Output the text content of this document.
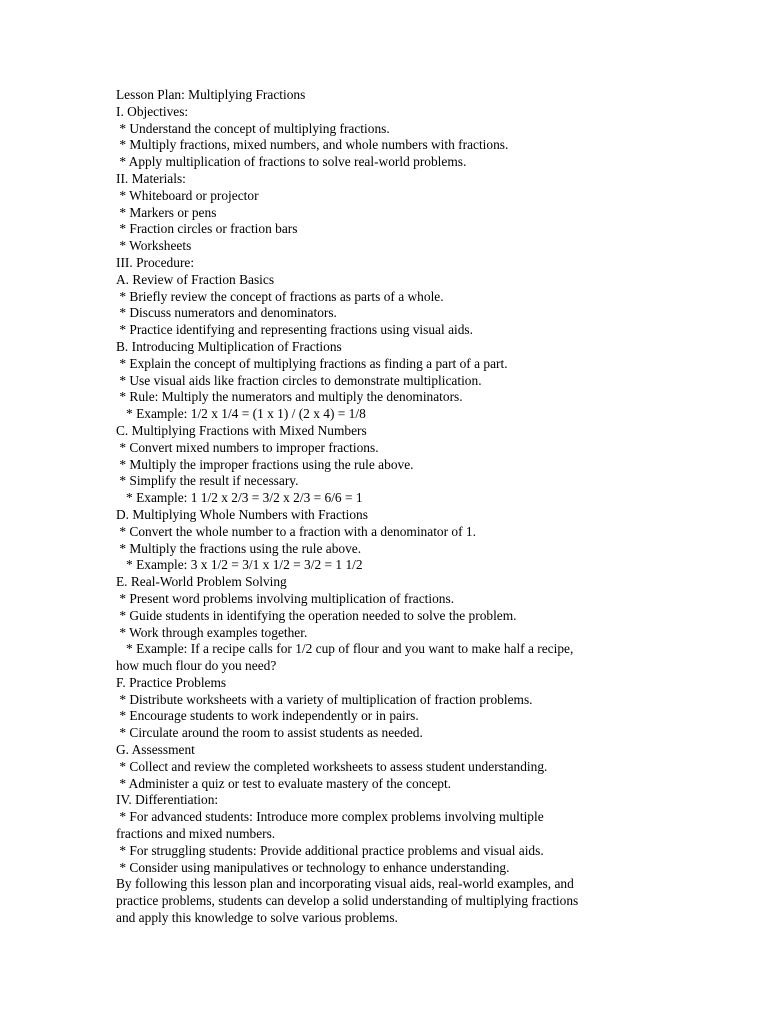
Lesson Plan: Multiplying Fractions
I. Objectives:
* Understand the concept of multiplying fractions.
* Multiply fractions, mixed numbers, and whole numbers with fractions.
* Apply multiplication of fractions to solve real-world problems.
II. Materials:
* Whiteboard or projector
* Markers or pens
* Fraction circles or fraction bars
* Worksheets
III. Procedure:
A. Review of Fraction Basics
* Briefly review the concept of fractions as parts of a whole.
* Discuss numerators and denominators.
* Practice identifying and representing fractions using visual aids.
B. Introducing Multiplication of Fractions
* Explain the concept of multiplying fractions as finding a part of a part.
* Use visual aids like fraction circles to demonstrate multiplication.
* Rule: Multiply the numerators and multiply the denominators.
* Example: 1/2 x 1/4 = (1 x 1) / (2 x 4) = 1/8
C. Multiplying Fractions with Mixed Numbers
* Convert mixed numbers to improper fractions.
* Multiply the improper fractions using the rule above.
* Simplify the result if necessary.
* Example: 1 1/2 x 2/3 = 3/2 x 2/3 = 6/6 = 1
D. Multiplying Whole Numbers with Fractions
* Convert the whole number to a fraction with a denominator of 1.
* Multiply the fractions using the rule above.
* Example: 3 x 1/2 = 3/1 x 1/2 = 3/2 = 1 1/2
E. Real-World Problem Solving
* Present word problems involving multiplication of fractions.
* Guide students in identifying the operation needed to solve the problem.
* Work through examples together.
* Example: If a recipe calls for 1/2 cup of flour and you want to make half a recipe,
how much flour do you need?
F. Practice Problems
* Distribute worksheets with a variety of multiplication of fraction problems.
* Encourage students to work independently or in pairs.
* Circulate around the room to assist students as needed.
G. Assessment
* Collect and review the completed worksheets to assess student understanding.
* Administer a quiz or test to evaluate mastery of the concept.
IV. Differentiation:
* For advanced students: Introduce more complex problems involving multiple
fractions and mixed numbers.
* For struggling students: Provide additional practice problems and visual aids.
* Consider using manipulatives or technology to enhance understanding.
By following this lesson plan and incorporating visual aids, real-world examples, and
practice problems, students can develop a solid understanding of multiplying fractions
and apply this knowledge to solve various problems.
